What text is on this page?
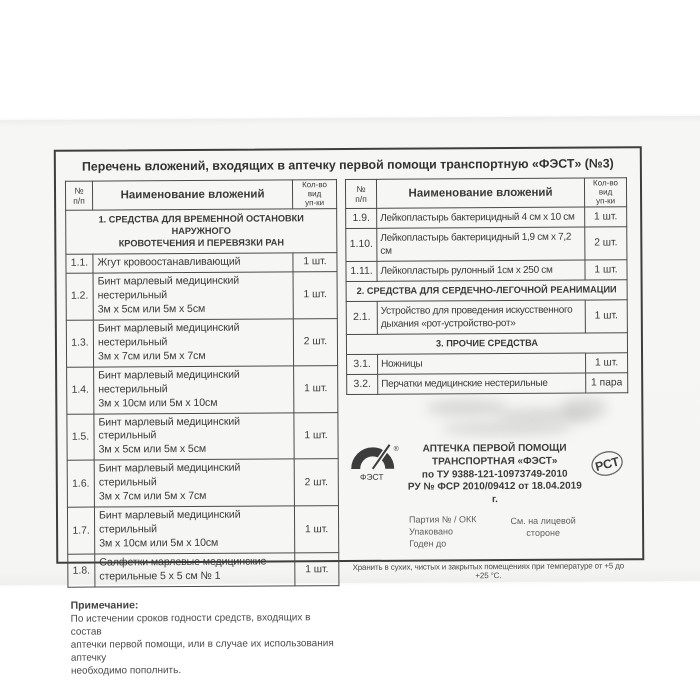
Перечень вложений, входящих в аптечку первой помощи транспортную «ФЭСТ» (№3)
№
п/п	Наименование вложений	Кол-во
вид
уп-ки
1. СРЕДСТВА ДЛЯ ВРЕМЕННОЙ ОСТАНОВКИ НАРУЖНОГО
КРОВОТЕЧЕНИЯ И ПЕРЕВЯЗКИ РАН		
1.1.	Жгут кровоостанавливающий	1 шт.
1.2.	Бинт марлевый медицинский нестерильный
3м х 5см или 5м х 5см	1 шт.
1.3.	Бинт марлевый медицинский нестерильный
3м х 7см или 5м х 7см	2 шт.
1.4.	Бинт марлевый медицинский нестерильный
3м х 10см или 5м х 10см	1 шт.
1.5.	Бинт марлевый медицинский стерильный
3м х 5см или 5м х 5см	1 шт.
1.6.	Бинт марлевый медицинский стерильный
3м х 7см или 5м х 7см	2 шт.
1.7.	Бинт марлевый медицинский стерильный
3м х 10см или 5м х 10см	1 шт.
1.8.	Салфетки марлевые медицинские
стерильные 5 х 5 см № 1	1 шт.
Примечание:
По истечении сроков годности средств, входящих в состав
аптечки первой помощи, или в случае их использования аптечку
необходимо пополнить.
№
п/п	Наименование вложений	Кол-во
вид
уп-ки
1.9.	Лейкопластырь бактерицидный 4 см х 10 см	1 шт.
1.10.	Лейкопластырь бактерицидный 1,9 см х 7,2 см	2 шт.
1.11.	Лейкопластырь рулонный 1см х 250 см	1 шт.
2. СРЕДСТВА ДЛЯ СЕРДЕЧНО-ЛЕГОЧНОЙ РЕАНИМАЦИИ		
2.1.	Устройство для проведения искусственного
дыхания «рот-устройство-рот»	1 шт.
3. ПРОЧИЕ СРЕДСТВА		
3.1.	Ножницы	1 шт.
3.2.	Перчатки медицинские нестерильные	1 пара
ФЭСТ
®	АПТЕЧКА ПЕРВОЙ ПОМОЩИ
ТРАНСПОРТНАЯ «ФЭСТ»
по ТУ 9388-121-10973749-2010
РУ № ФСР 2010/09412 от 18.04.2019 г.
РСТ
Партия № / ОКК
Упаковано
Годен до
См. на лицевой
стороне
Хранить в сухих, чистых и закрытых помещениях при температуре от +5 до +25 °С.
